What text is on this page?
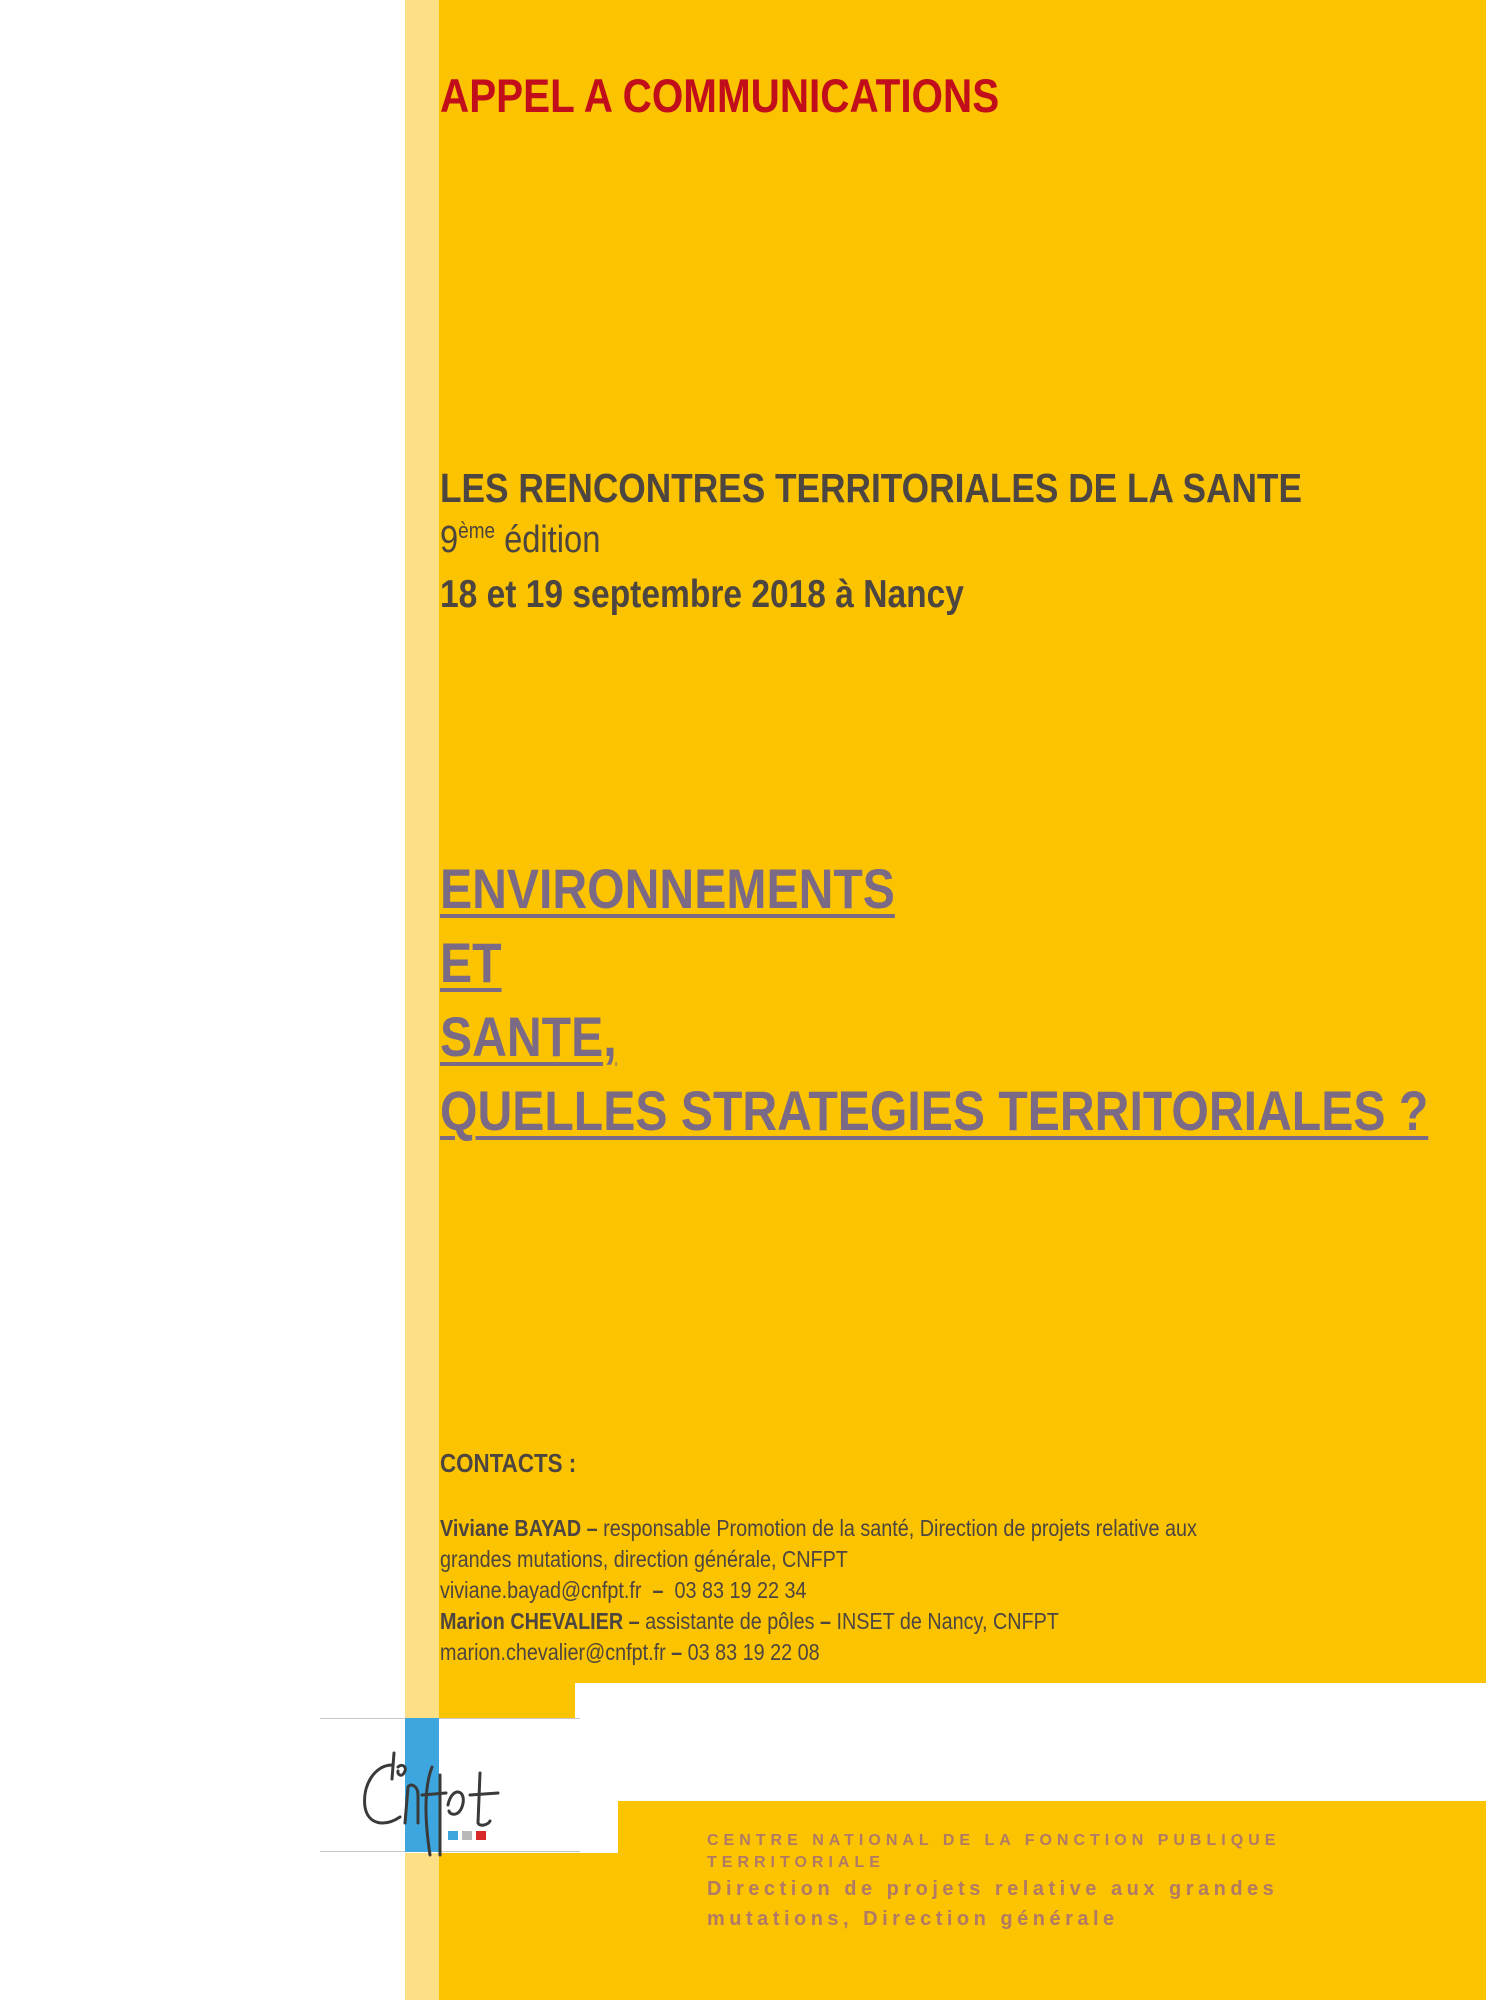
APPEL A COMMUNICATIONS
LES RENCONTRES TERRITORIALES DE LA SANTE
9ème édition
18 et 19 septembre 2018 à Nancy
ENVIRONNEMENTS
ET
SANTE,
QUELLES STRATEGIES TERRITORIALES ?
CONTACTS :
Viviane BAYAD – responsable Promotion de la santé, Direction de projets relative aux
grandes mutations, direction générale, CNFPT
viviane.bayad@cnfpt.fr – 03 83 19 22 34
Marion CHEVALIER – assistante de pôles – INSET de Nancy, CNFPT
marion.chevalier@cnfpt.fr – 03 83 19 22 08
CENTRE NATIONAL DE LA FONCTION PUBLIQUE
TERRITORIALE
Direction de projets relative aux grandes
mutations, Direction générale
